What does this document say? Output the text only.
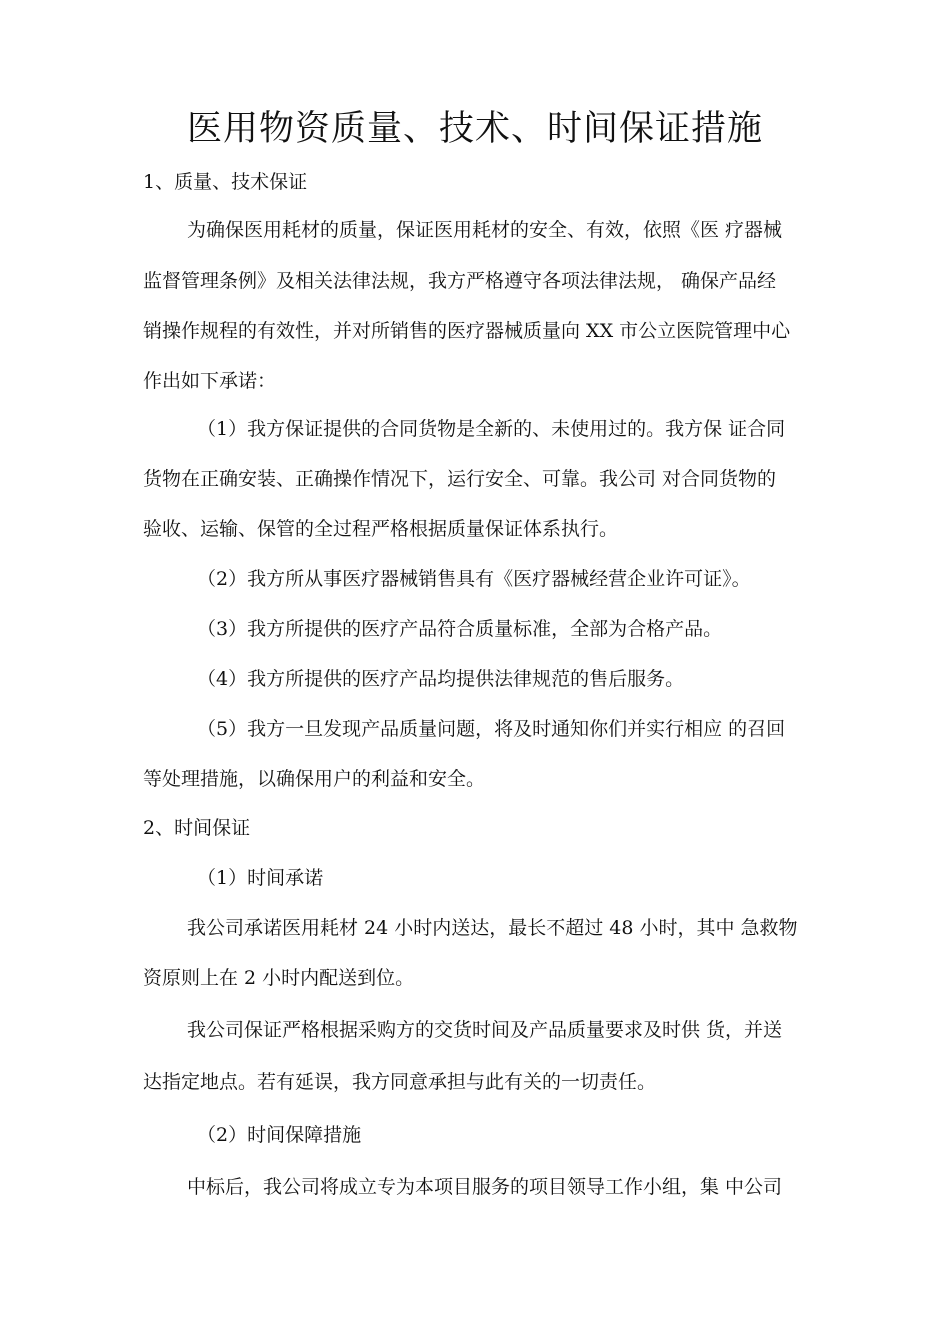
医用物资质量、技术、时间保证措施
1、质量、技术保证
为确保医用耗材的质量，保证医用耗材的安全、有效，依照《医 疗器械
监督管理条例》及相关法律法规，我方严格遵守各项法律法规， 确保产品经
销操作规程的有效性，并对所销售的医疗器械质量向 XX 市公立医院管理中心
作出如下承诺：
（1）我方保证提供的合同货物是全新的、未使用过的。我方保 证合同
货物在正确安装、正确操作情况下，运行安全、可靠。我公司 对合同货物的
验收、运输、保管的全过程严格根据质量保证体系执行。
（2）我方所从事医疗器械销售具有《医疗器械经营企业许可证》。
（3）我方所提供的医疗产品符合质量标准，全部为合格产品。
（4）我方所提供的医疗产品均提供法律规范的售后服务。
（5）我方一旦发现产品质量问题，将及时通知你们并实行相应 的召回
等处理措施，以确保用户的利益和安全。
2、时间保证
（1）时间承诺
我公司承诺医用耗材 24 小时内送达，最长不超过 48 小时，其中 急救物
资原则上在 2 小时内配送到位。
我公司保证严格根据采购方的交货时间及产品质量要求及时供 货，并送
达指定地点。若有延误，我方同意承担与此有关的一切责任。
（2）时间保障措施
中标后，我公司将成立专为本项目服务的项目领导工作小组，集 中公司
